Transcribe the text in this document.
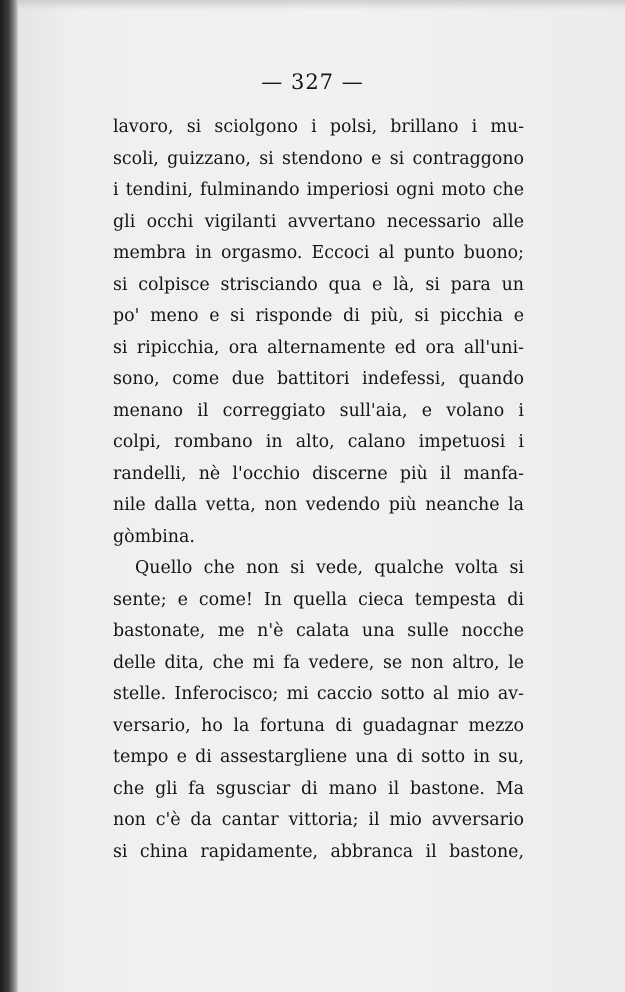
— 327 —
lavoro, si sciolgono i polsi, brillano i mu-
scoli, guizzano, si stendono e si contraggono
i tendini, fulminando imperiosi ogni moto che
gli occhi vigilanti avvertano necessario alle
membra in orgasmo. Eccoci al punto buono;
si colpisce strisciando qua e là, si para un
po' meno e si risponde di più, si picchia e
si ripicchia, ora alternamente ed ora all'uni-
sono, come due battitori indefessi, quando
menano il correggiato sull'aia, e volano i
colpi, rombano in alto, calano impetuosi i
randelli, nè l'occhio discerne più il manfa-
nile dalla vetta, non vedendo più neanche la
gòmbina.
Quello che non si vede, qualche volta si
sente; e come! In quella cieca tempesta di
bastonate, me n'è calata una sulle nocche
delle dita, che mi fa vedere, se non altro, le
stelle. Inferocisco; mi caccio sotto al mio av-
versario, ho la fortuna di guadagnar mezzo
tempo e di assestargliene una di sotto in su,
che gli fa sgusciar di mano il bastone. Ma
non c'è da cantar vittoria; il mio avversario
si china rapidamente, abbranca il bastone,
